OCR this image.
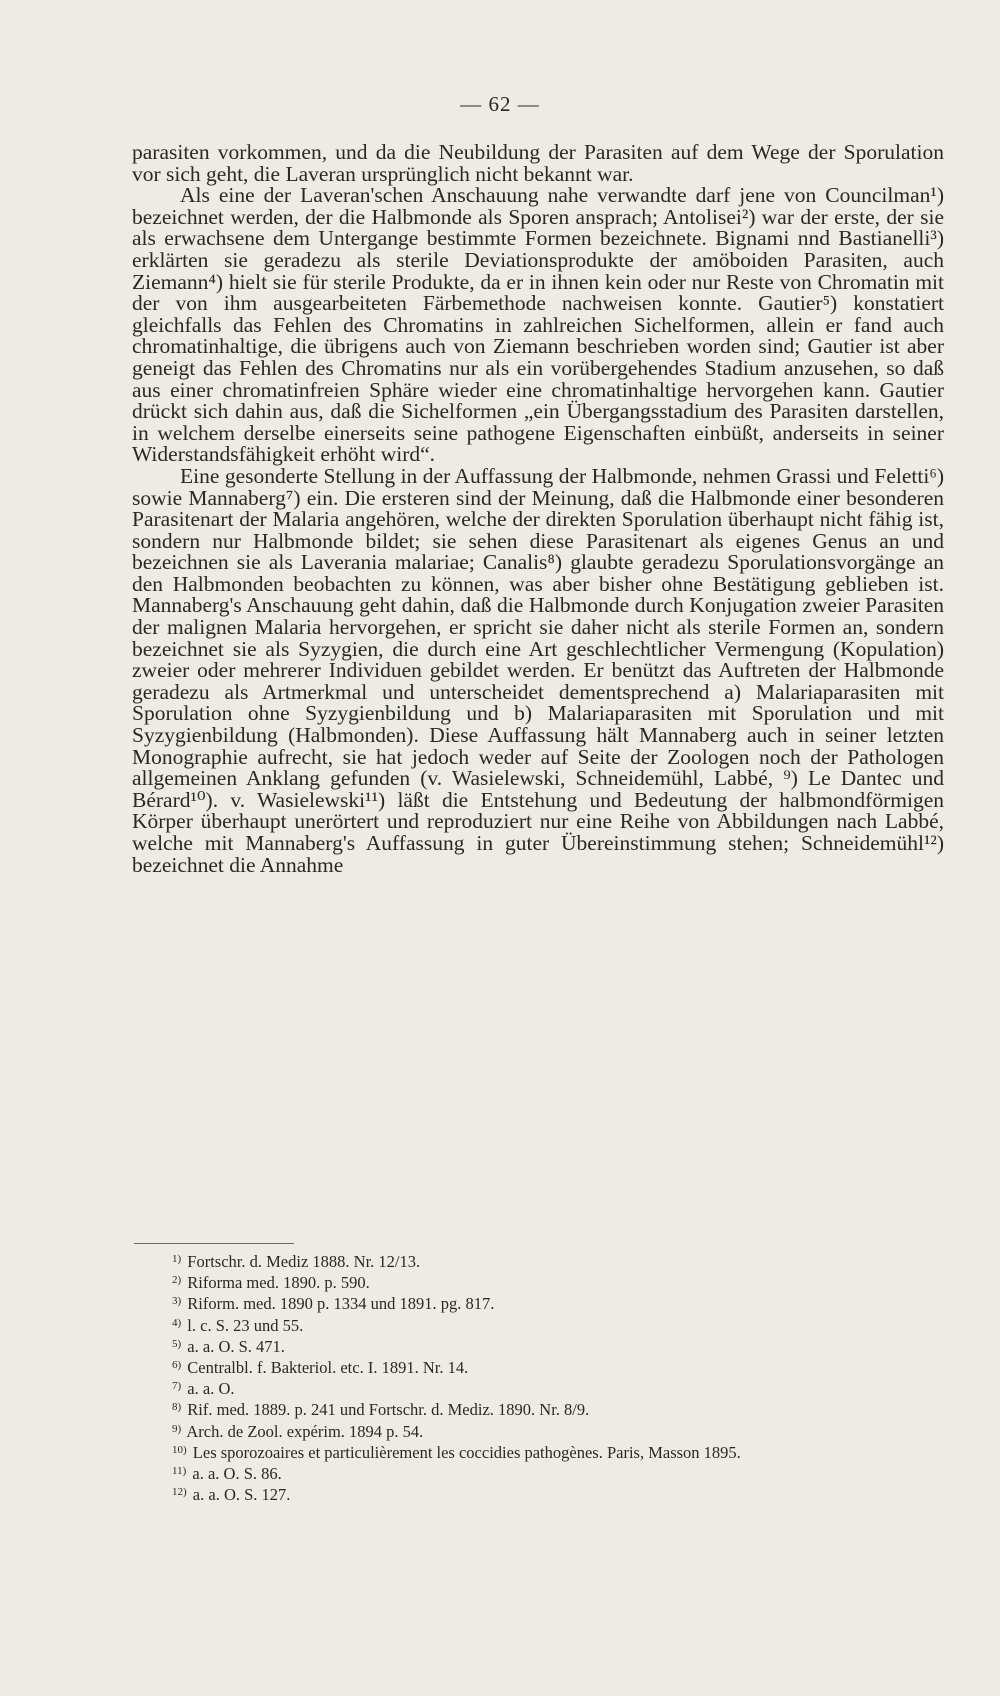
— 62 —

parasiten vorkommen, und da die Neubildung der Parasiten auf dem Wege der Sporulation vor sich geht, die Laveran ursprünglich nicht bekannt war.

Als eine der Laveran'schen Anschauung nahe verwandte darf jene von Councilman¹) bezeichnet werden, der die Halbmonde als Sporen ansprach; Antolisei²) war der erste, der sie als erwachsene dem Untergange bestimmte Formen bezeichnete. Bignami nnd Bastianelli³) erklärten sie geradezu als sterile Deviationsprodukte der amöboiden Parasiten, auch Ziemann⁴) hielt sie für sterile Produkte, da er in ihnen kein oder nur Reste von Chromatin mit der von ihm ausgearbeiteten Färbemethode nachweisen konnte. Gautier⁵) konstatiert gleichfalls das Fehlen des Chromatins in zahlreichen Sichelformen, allein er fand auch chromatinhaltige, die übrigens auch von Ziemann beschrieben worden sind; Gautier ist aber geneigt das Fehlen des Chromatins nur als ein vorübergehendes Stadium anzusehen, so daß aus einer chromatinfreien Sphäre wieder eine chromatinhaltige hervorgehen kann. Gautier drückt sich dahin aus, daß die Sichelformen „ein Übergangsstadium des Parasiten darstellen, in welchem derselbe einerseits seine pathogene Eigenschaften einbüßt, anderseits in seiner Widerstandsfähigkeit erhöht wird“.

Eine gesonderte Stellung in der Auffassung der Halbmonde, nehmen Grassi und Feletti⁶) sowie Mannaberg⁷) ein. Die ersteren sind der Meinung, daß die Halbmonde einer besonderen Parasitenart der Malaria angehören, welche der direkten Sporulation überhaupt nicht fähig ist, sondern nur Halbmonde bildet; sie sehen diese Parasitenart als eigenes Genus an und bezeichnen sie als Laverania malariae; Canalis⁸) glaubte geradezu Sporulationsvorgänge an den Halbmonden beobachten zu können, was aber bisher ohne Bestätigung geblieben ist. Mannaberg's Anschauung geht dahin, daß die Halbmonde durch Konjugation zweier Parasiten der malignen Malaria hervorgehen, er spricht sie daher nicht als sterile Formen an, sondern bezeichnet sie als Syzygien, die durch eine Art geschlechtlicher Vermengung (Kopulation) zweier oder mehrerer Individuen gebildet werden. Er benützt das Auftreten der Halbmonde geradezu als Artmerkmal und unterscheidet dementsprechend a) Malariaparasiten mit Sporulation ohne Syzygienbildung und b) Malariaparasiten mit Sporulation und mit Syzygienbildung (Halbmonden). Diese Auffassung hält Mannaberg auch in seiner letzten Monographie aufrecht, sie hat jedoch weder auf Seite der Zoologen noch der Pathologen allgemeinen Anklang gefunden (v. Wasielewski, Schneidemühl, Labbé, ⁹) Le Dantec und Bérard¹⁰). v. Wasielewski¹¹) läßt die Entstehung und Bedeutung der halbmondförmigen Körper überhaupt unerörtert und reproduziert nur eine Reihe von Abbildungen nach Labbé, welche mit Mannaberg's Auffassung in guter Übereinstimmung stehen; Schneidemühl¹²) bezeichnet die Annahme

$^{1)}$ Fortschr. d. Mediz 1888. Nr. 12/13.

$^{2)}$ Riforma med. 1890. p. 590.

$^{3)}$ Riform. med. 1890 p. 1334 und 1891. pg. 817.

$^{4)}$ l. c. S. 23 und 55.

$^{5)}$ a. a. O. S. 471.

$^{6)}$ Centralbl. f. Bakteriol. etc. I. 1891. Nr. 14.

$^{7)}$ a. a. O.

$^{8)}$ Rif. med. 1889. p. 241 und Fortschr. d. Mediz. 1890. Nr. 8/9.

$^{9)}$ Arch. de Zool. expérim. 1894 p. 54.

$^{10)}$ Les sporozoaires et particulièrement les coccidies pathogènes. Paris, Masson 1895.

$^{11)}$ a. a. O. S. 86.

$^{12)}$ a. a. O. S. 127.
